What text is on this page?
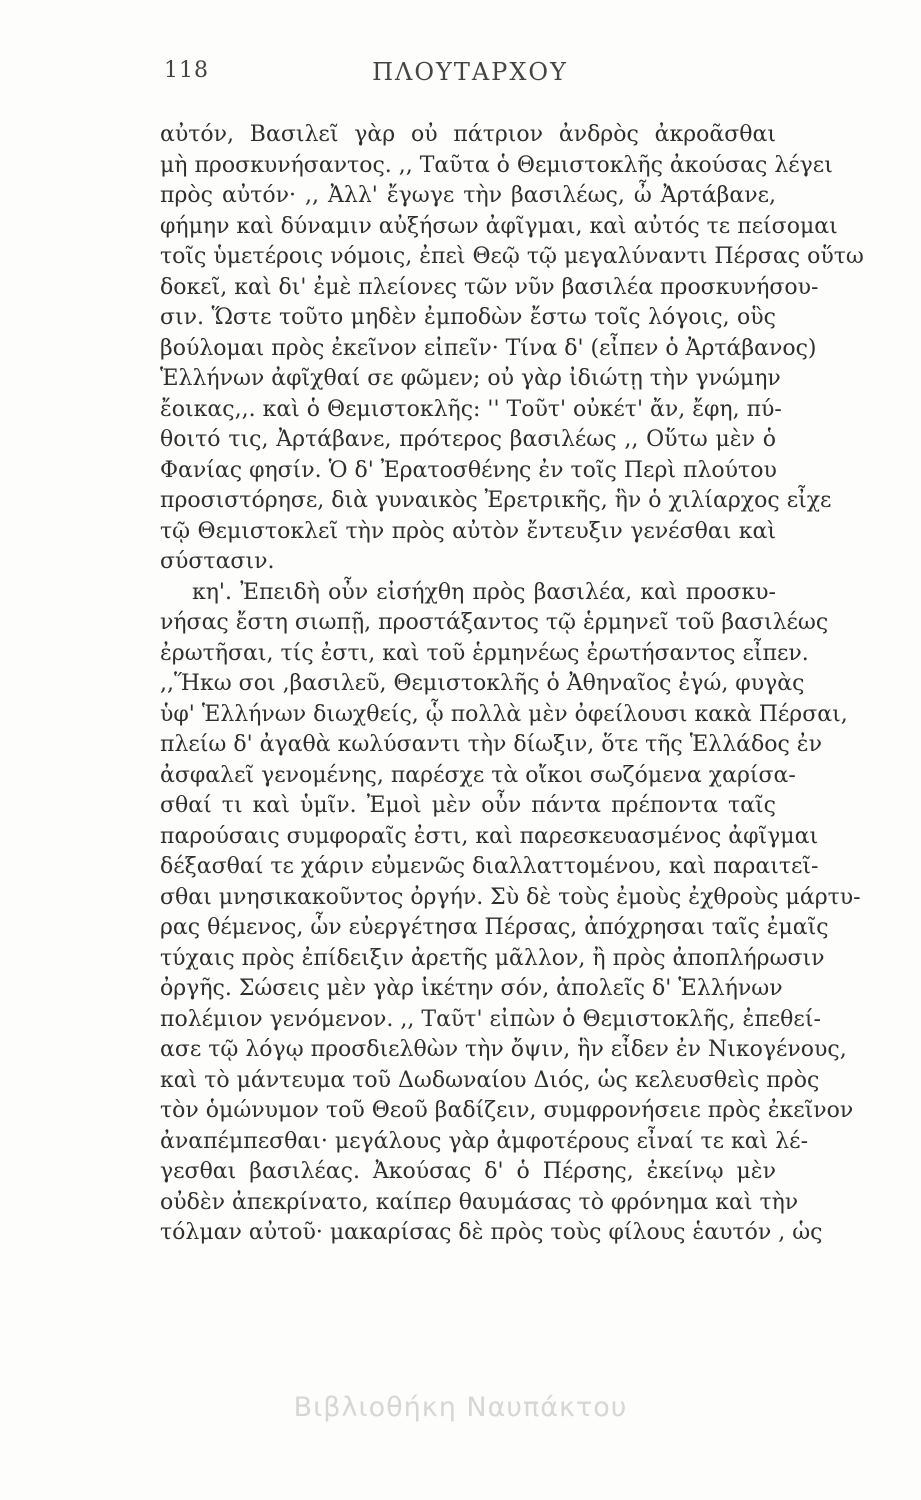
118	ΠΛΟΥΤΑΡΧΟΥ
αὐτόν, Βασιλεῖ γὰρ οὐ πάτριον ἀνδρὸς ἀκροᾶσθαι
μὴ προσκυνήσαντος. ,, Ταῦτα ὁ Θεμιστοκλῆς ἀκούσας λέγει
πρὸς αὐτόν· ,, Ἀλλ' ἔγωγε τὴν βασιλέως, ὦ Ἀρτάβανε,
φήμην καὶ δύναμιν αὐξήσων ἀφῖγμαι, καὶ αὐτός τε πείσομαι
τοῖς ὑμετέροις νόμοις, ἐπεὶ Θεῷ τῷ μεγαλύναντι Πέρσας οὕτω
δοκεῖ, καὶ δι' ἐμὲ πλείονες τῶν νῦν βασιλέα προσκυνήσου-
σιν. Ὥστε τοῦτο μηδὲν ἐμποδὼν ἔστω τοῖς λόγοις, οὓς
βούλομαι πρὸς ἐκεῖνον εἰπεῖν· Τίνα δ' (εἶπεν ὁ Ἀρτάβανος)
Ἑλλήνων ἀφῖχθαί σε φῶμεν; οὐ γὰρ ἰδιώτῃ τὴν γνώμην
ἔοικας,,. καὶ ὁ Θεμιστοκλῆς: '' Τοῦτ' οὐκέτ' ἄν, ἔφη, πύ-
θοιτό τις, Ἀρτάβανε, πρότερος βασιλέως ,, Οὕτω μὲν ὁ
Φανίας φησίν. Ὁ δ' Ἐρατοσθένης ἐν τοῖς Περὶ πλούτου
προσιστόρησε, διὰ γυναικὸς Ἐρετρικῆς, ἣν ὁ χιλίαρχος εἶχε
τῷ Θεμιστοκλεῖ τὴν πρὸς αὐτὸν ἔντευξιν γενέσθαι καὶ
σύστασιν.
κη'. Ἐπειδὴ οὖν εἰσήχθη πρὸς βασιλέα, καὶ προσκυ-
νήσας ἔστη σιωπῇ, προστάξαντος τῷ ἑρμηνεῖ τοῦ βασιλέως
ἐρωτῆσαι, τίς ἐστι, καὶ τοῦ ἑρμηνέως ἐρωτήσαντος εἶπεν.
,,Ἥκω σοι ,βασιλεῦ, Θεμιστοκλῆς ὁ Ἀθηναῖος ἐγώ, φυγὰς
ὑφ' Ἑλλήνων διωχθείς, ᾧ πολλὰ μὲν ὀφείλουσι κακὰ Πέρσαι,
πλείω δ' ἀγαθὰ κωλύσαντι τὴν δίωξιν, ὅτε τῆς Ἑλλάδος ἐν
ἀσφαλεῖ γενομένης, παρέσχε τὰ οἴκοι σωζόμενα χαρίσα-
σθαί τι καὶ ὑμῖν. Ἐμοὶ μὲν οὖν πάντα πρέποντα ταῖς
παρούσαις συμφοραῖς ἐστι, καὶ παρεσκευασμένος ἀφῖγμαι
δέξασθαί τε χάριν εὐμενῶς διαλλαττομένου, καὶ παραιτεῖ-
σθαι μνησικακοῦντος ὀργήν. Σὺ δὲ τοὺς ἐμοὺς ἐχθροὺς μάρτυ-
ρας θέμενος, ὧν εὐεργέτησα Πέρσας, ἀπόχρησαι ταῖς ἐμαῖς
τύχαις πρὸς ἐπίδειξιν ἀρετῆς μᾶλλον, ἢ πρὸς ἀποπλήρωσιν
ὀργῆς. Σώσεις μὲν γὰρ ἱκέτην σόν, ἀπολεῖς δ' Ἑλλήνων
πολέμιον γενόμενον. ,, Ταῦτ' εἰπὼν ὁ Θεμιστοκλῆς, ἐπεθεί-
ασε τῷ λόγῳ προσδιελθὼν τὴν ὄψιν, ἣν εἶδεν ἐν Νικογένους,
καὶ τὸ μάντευμα τοῦ Δωδωναίου Διός, ὡς κελευσθεὶς πρὸς
τὸν ὁμώνυμον τοῦ Θεοῦ βαδίζειν, συμφρονήσειε πρὸς ἐκεῖνον
ἀναπέμπεσθαι· μεγάλους γὰρ ἀμφοτέρους εἶναί τε καὶ λέ-
γεσθαι βασιλέας. Ἀκούσας δ' ὁ Πέρσης, ἐκείνῳ μὲν
οὐδὲν ἀπεκρίνατο, καίπερ θαυμάσας τὸ φρόνημα καὶ τὴν
τόλμαν αὐτοῦ· μακαρίσας δὲ πρὸς τοὺς φίλους ἑαυτόν , ὡς
Βιβλιοθήκη Ναυπάκτου
